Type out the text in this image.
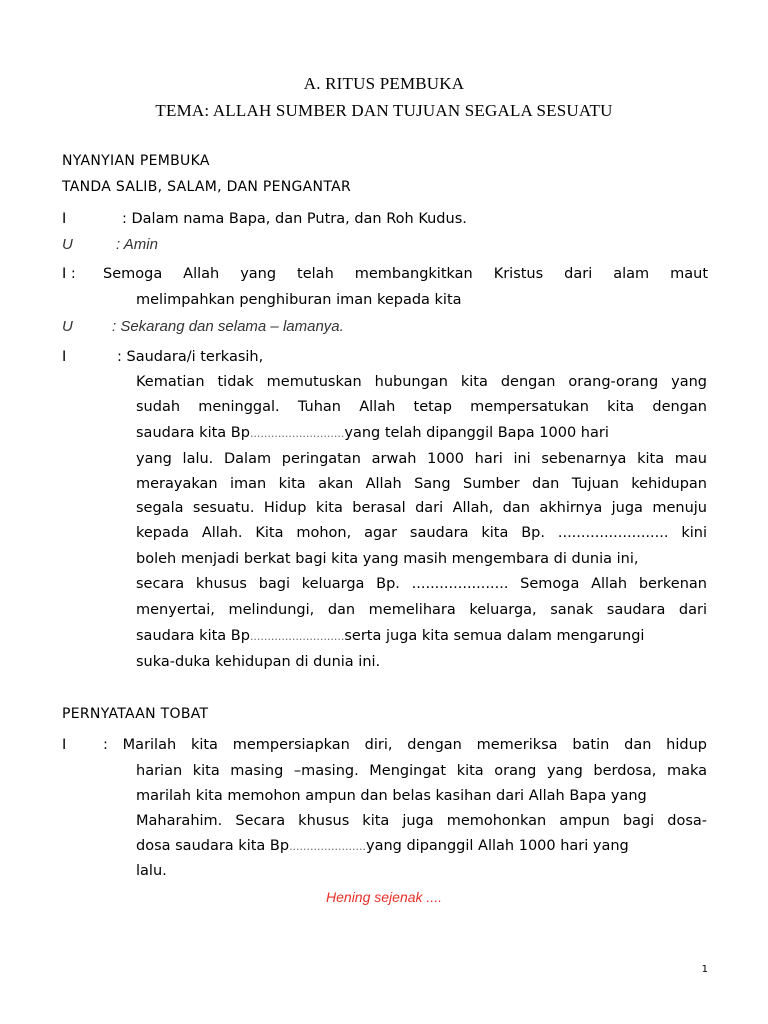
A. RITUS PEMBUKA
TEMA: ALLAH SUMBER DAN TUJUAN SEGALA SESUATU
NYANYIAN PEMBUKA
TANDA SALIB, SALAM, DAN PENGANTAR
I	: Dalam nama Bapa, dan Putra, dan Roh Kudus.
U	: Amin
I : Semoga Allah yang telah membangkitkan Kristus dari alam maut
melimpahkan penghiburan iman kepada kita
U	: Sekarang dan selama – lamanya.
I	: Saudara/i terkasih,
Kematian tidak memutuskan hubungan kita dengan orang-orang yang
sudah meninggal. Tuhan Allah tetap mempersatukan kita dengan
saudara kita Bp...........................yang telah dipanggil Bapa 1000 hari
yang lalu. Dalam peringatan arwah 1000 hari ini sebenarnya kita mau
merayakan iman kita akan Allah Sang Sumber dan Tujuan kehidupan
segala sesuatu. Hidup kita berasal dari Allah, dan akhirnya juga menuju
kepada Allah. Kita mohon, agar saudara kita Bp. ........................ kini
boleh menjadi berkat bagi kita yang masih mengembara di dunia ini,
secara khusus bagi keluarga Bp. ..................... Semoga Allah berkenan
menyertai, melindungi, dan memelihara keluarga, sanak saudara dari
saudara kita Bp...........................serta juga kita semua dalam mengarungi
suka-duka kehidupan di dunia ini.
PERNYATAAN TOBAT
I	: Marilah kita mempersiapkan diri, dengan memeriksa batin dan hidup
harian kita masing –masing. Mengingat kita orang yang berdosa, maka
marilah kita memohon ampun dan belas kasihan dari Allah Bapa yang
Maharahim. Secara khusus kita juga memohonkan ampun bagi dosa-
dosa saudara kita Bp......................yang dipanggil Allah 1000 hari yang
lalu.
Hening sejenak ....
1
